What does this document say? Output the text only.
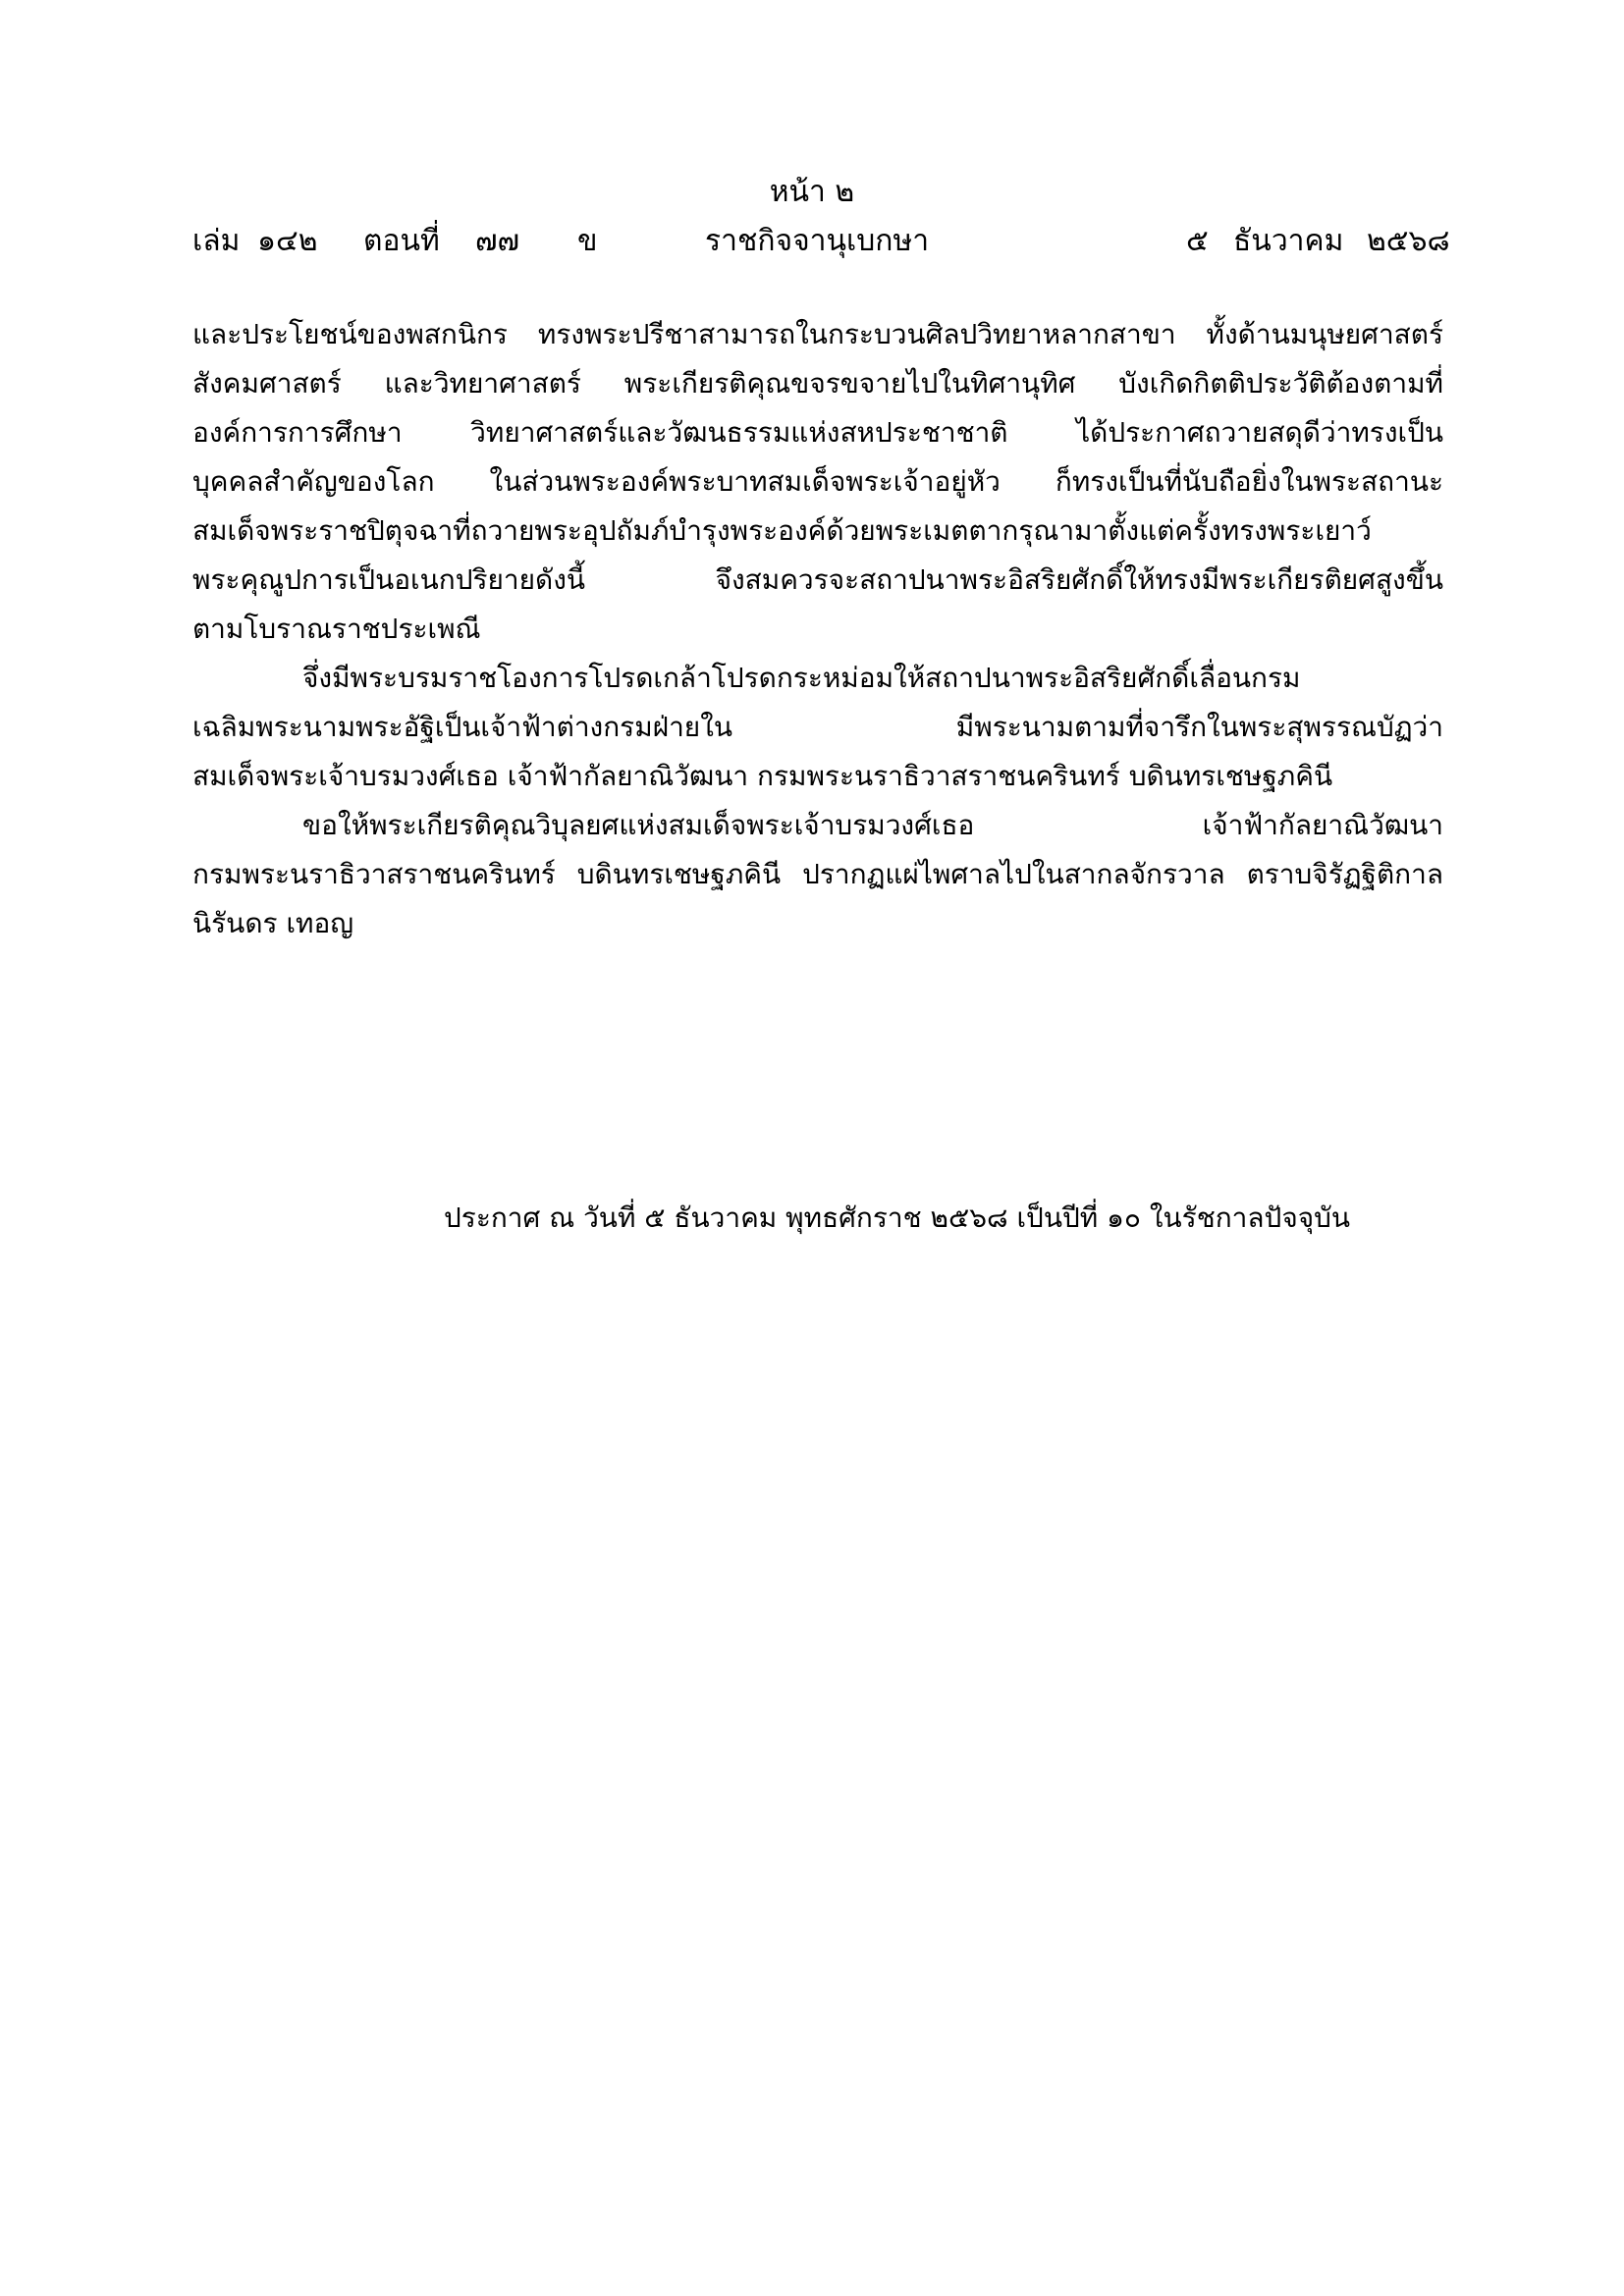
หน้า ๒
เล่ม ๑๔๒ ตอนที่ ๗๗ ข	ราชกิจจานุเบกษา	๕ ธันวาคม ๒๕๖๘
และประโยชน์ของพสกนิกร ทรงพระปรีชาสามารถในกระบวนศิลปวิทยาหลากสาขา ทั้งด้านมนุษยศาสตร์
สังคมศาสตร์ และวิทยาศาสตร์ พระเกียรติคุณขจรขจายไปในทิศานุทิศ บังเกิดกิตติประวัติต้องตามที่
องค์การการศึกษา วิทยาศาสตร์และวัฒนธรรมแห่งสหประชาชาติ ได้ประกาศถวายสดุดีว่าทรงเป็น
บุคคลสำคัญของโลก ในส่วนพระองค์พระบาทสมเด็จพระเจ้าอยู่หัว ก็ทรงเป็นที่นับถือยิ่งในพระสถานะ
สมเด็จพระราชปิตุจฉาที่ถวายพระอุปถัมภ์บำรุงพระองค์ด้วยพระเมตตากรุณามาตั้งแต่ครั้งทรงพระเยาว์
พระคุณูปการเป็นอเนกปริยายดังนี้ จึงสมควรจะสถาปนาพระอิสริยศักดิ์ให้ทรงมีพระเกียรติยศสูงขึ้น
ตามโบราณราชประเพณี
จึ่งมีพระบรมราชโองการโปรดเกล้าโปรดกระหม่อมให้สถาปนาพระอิสริยศักดิ์เลื่อนกรม
เฉลิมพระนามพระอัฐิเป็นเจ้าฟ้าต่างกรมฝ่ายใน มีพระนามตามที่จารึกในพระสุพรรณบัฏว่า
สมเด็จพระเจ้าบรมวงศ์เธอ เจ้าฟ้ากัลยาณิวัฒนา กรมพระนราธิวาสราชนครินทร์ บดินทรเชษฐภคินี
ขอให้พระเกียรติคุณวิบุลยศแห่งสมเด็จพระเจ้าบรมวงศ์เธอ เจ้าฟ้ากัลยาณิวัฒนา
กรมพระนราธิวาสราชนครินทร์ บดินทรเชษฐภคินี ปรากฏแผ่ไพศาลไปในสากลจักรวาล ตราบจิรัฏฐิติกาล
นิรันดร เทอญ
ประกาศ ณ วันที่ ๕ ธันวาคม พุทธศักราช ๒๕๖๘ เป็นปีที่ ๑๐ ในรัชกาลปัจจุบัน
